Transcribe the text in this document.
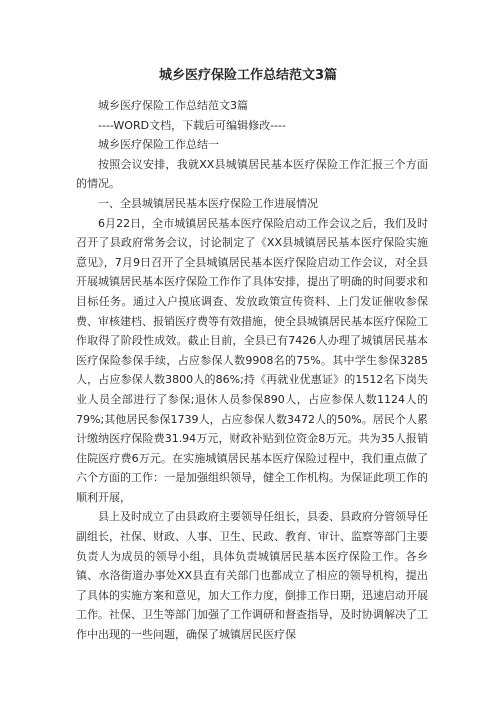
城乡医疗保险工作总结范文3篇

城乡医疗保险工作总结范文3篇

----WORD文档，下载后可编辑修改----

城乡医疗保险工作总结一

按照会议安排，我就XX县城镇居民基本医疗保险工作汇报三个方面的情况。

一、全县城镇居民基本医疗保险工作进展情况

6月22日，全市城镇居民基本医疗保险启动工作会议之后，我们及时召开了县政府常务会议，讨论制定了《XX县城镇居民基本医疗保险实施意见》，7月9日召开了全县城镇居民基本医疗保险启动工作会议，对全县开展城镇居民基本医疗保险工作作了具体安排，提出了明确的时间要求和目标任务。通过入户摸底调查、发放政策宣传资料、上门发证催收参保费、审核建档、报销医疗费等有效措施，使全县城镇居民基本医疗保险工作取得了阶段性成效。截止目前，全县已有7426人办理了城镇居民基本医疗保险参保手续，占应参保人数9908名的75%。其中学生参保3285人，占应参保人数3800人的86%;持《再就业优惠证》的1512名下岗失业人员全部进行了参保;退休人员参保890人，占应参保人数1124人的79%;其他居民参保1739人，占应参保人数3472人的50%。居民个人累计缴纳医疗保险费31.94万元，财政补贴到位资金8万元。共为35人报销住院医疗费6万元。在实施城镇居民基本医疗保险过程中，我们重点做了六个方面的工作：一是加强组织领导，健全工作机构。为保证此项工作的顺利开展，

县上及时成立了由县政府主要领导任组长，县委、县政府分管领导任副组长，社保、财政、人事、卫生、民政、教育、审计、监察等部门主要负责人为成员的领导小组，具体负责城镇居民基本医疗保险工作。各乡镇、水洛街道办事处XX县直有关部门也都成立了相应的领导机构，提出了具体的实施方案和意见，加大工作力度，倒排工作日期，迅速启动开展工作。社保、卫生等部门加强了工作调研和督查指导，及时协调解决了工作中出现的一些问题，确保了城镇居民医疗保
